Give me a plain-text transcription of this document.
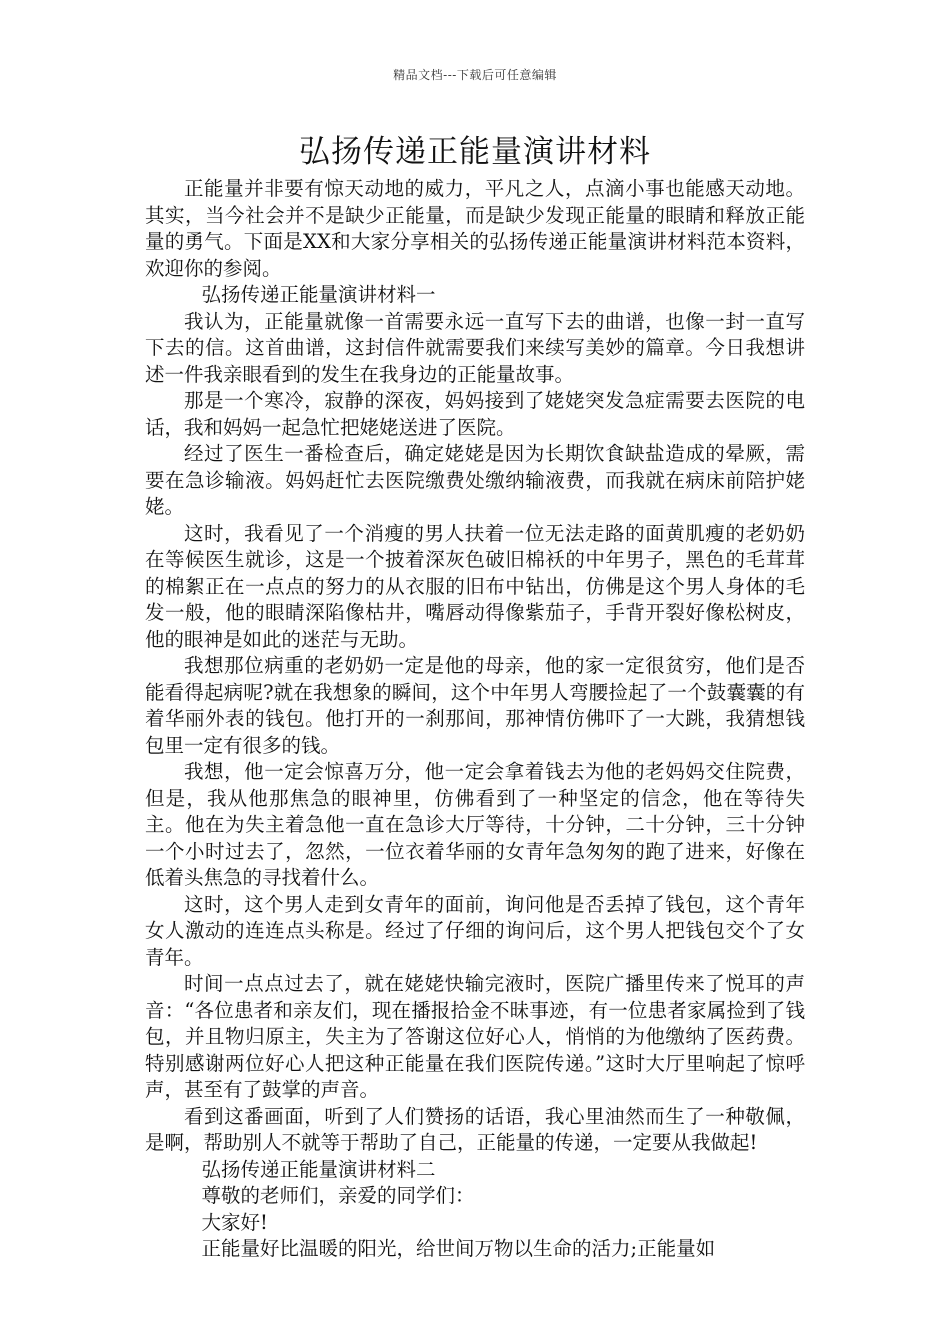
精品文档---下载后可任意编辑
弘扬传递正能量演讲材料

正能量并非要有惊天动地的威力，平凡之人，点滴小事也能感天动地。其实，当今社会并不是缺少正能量，而是缺少发现正能量的眼睛和释放正能量的勇气。下面是XX和大家分享相关的弘扬传递正能量演讲材料范本资料，欢迎你的参阅。

弘扬传递正能量演讲材料一

我认为，正能量就像一首需要永远一直写下去的曲谱，也像一封一直写下去的信。这首曲谱，这封信件就需要我们来续写美妙的篇章。今日我想讲述一件我亲眼看到的发生在我身边的正能量故事。

那是一个寒冷，寂静的深夜，妈妈接到了姥姥突发急症需要去医院的电话，我和妈妈一起急忙把姥姥送进了医院。

经过了医生一番检查后，确定姥姥是因为长期饮食缺盐造成的晕厥，需要在急诊输液。妈妈赶忙去医院缴费处缴纳输液费，而我就在病床前陪护姥姥。

这时，我看见了一个消瘦的男人扶着一位无法走路的面黄肌瘦的老奶奶在等候医生就诊，这是一个披着深灰色破旧棉袄的中年男子，黑色的毛茸茸的棉絮正在一点点的努力的从衣服的旧布中钻出，仿佛是这个男人身体的毛发一般，他的眼睛深陷像枯井，嘴唇动得像紫茄子，手背开裂好像松树皮，他的眼神是如此的迷茫与无助。

我想那位病重的老奶奶一定是他的母亲，他的家一定很贫穷，他们是否能看得起病呢?就在我想象的瞬间，这个中年男人弯腰捡起了一个鼓囊囊的有着华丽外表的钱包。他打开的一刹那间，那神情仿佛吓了一大跳，我猜想钱包里一定有很多的钱。

我想，他一定会惊喜万分，他一定会拿着钱去为他的老妈妈交住院费，但是，我从他那焦急的眼神里，仿佛看到了一种坚定的信念，他在等待失主。他在为失主着急他一直在急诊大厅等待，十分钟，二十分钟，三十分钟一个小时过去了，忽然，一位衣着华丽的女青年急匆匆的跑了进来，好像在低着头焦急的寻找着什么。

这时，这个男人走到女青年的面前，询问他是否丢掉了钱包，这个青年女人激动的连连点头称是。经过了仔细的询问后，这个男人把钱包交个了女青年。

时间一点点过去了，就在姥姥快输完液时，医院广播里传来了悦耳的声音：“各位患者和亲友们，现在播报拾金不昧事迹，有一位患者家属捡到了钱包，并且物归原主，失主为了答谢这位好心人，悄悄的为他缴纳了医药费。特别感谢两位好心人把这种正能量在我们医院传递。”这时大厅里响起了惊呼声，甚至有了鼓掌的声音。

看到这番画面，听到了人们赞扬的话语，我心里油然而生了一种敬佩，是啊，帮助别人不就等于帮助了自己，正能量的传递，一定要从我做起!

弘扬传递正能量演讲材料二

尊敬的老师们，亲爱的同学们：

大家好!

正能量好比温暖的阳光，给世间万物以生命的活力;正能量如
